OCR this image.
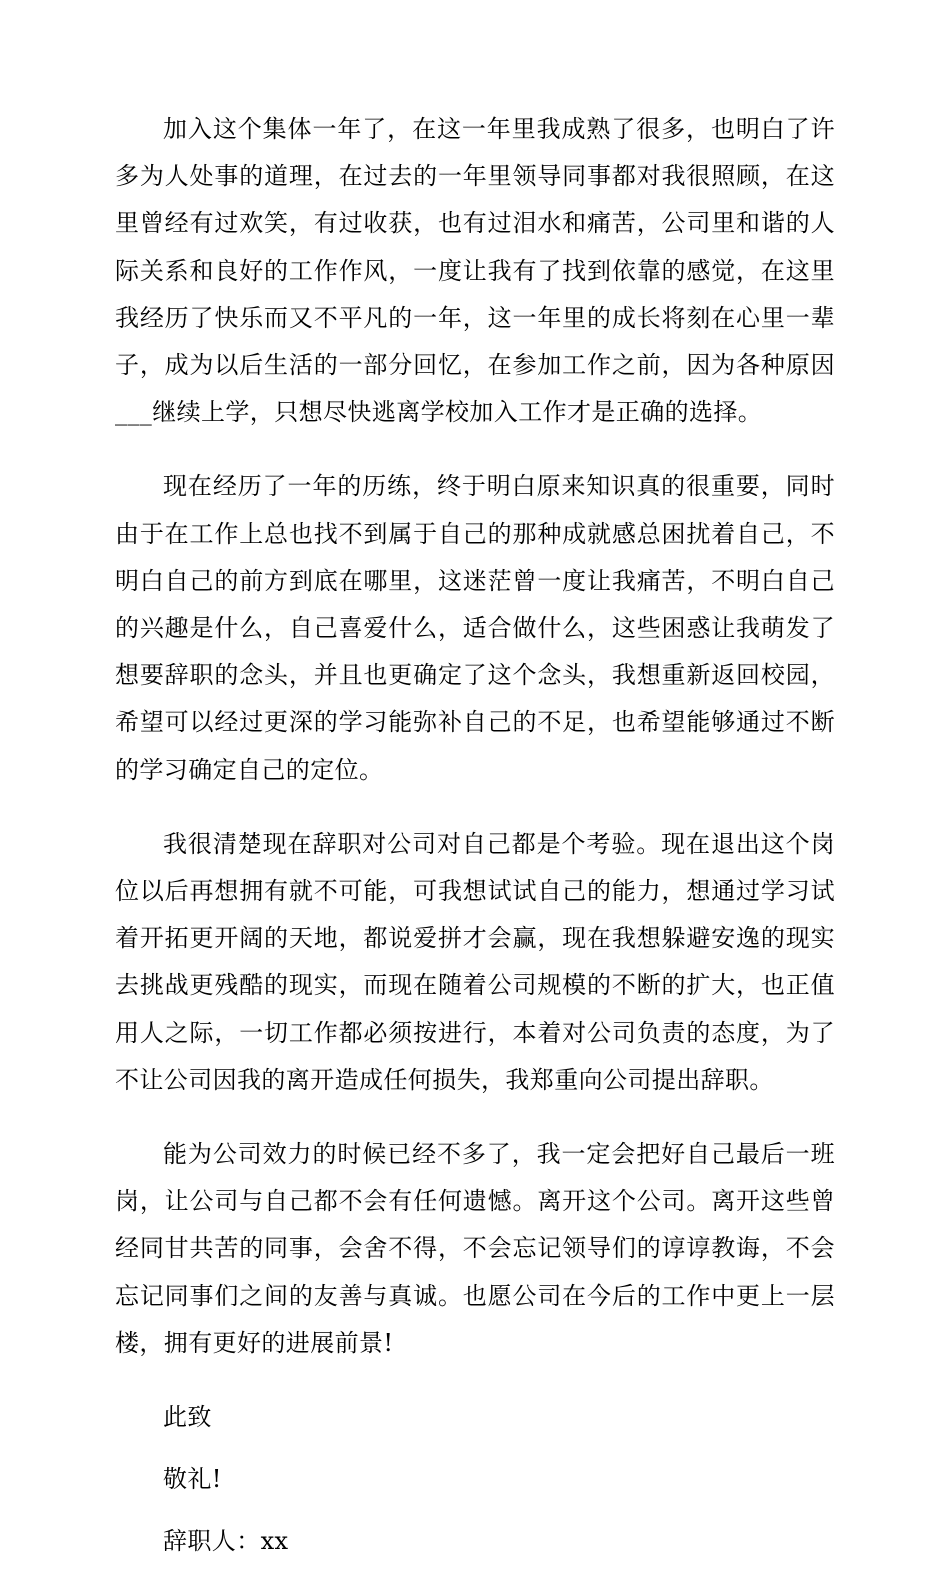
加入这个集体一年了，在这一年里我成熟了很多，也明白了许多为人处事的道理，在过去的一年里领导同事都对我很照顾，在这里曾经有过欢笑，有过收获，也有过泪水和痛苦，公司里和谐的人际关系和良好的工作作风，一度让我有了找到依靠的感觉，在这里我经历了快乐而又不平凡的一年，这一年里的成长将刻在心里一辈子，成为以后生活的一部分回忆，在参加工作之前，因为各种原因___继续上学，只想尽快逃离学校加入工作才是正确的选择。

现在经历了一年的历练，终于明白原来知识真的很重要，同时由于在工作上总也找不到属于自己的那种成就感总困扰着自己，不明白自己的前方到底在哪里，这迷茫曾一度让我痛苦，不明白自己的兴趣是什么，自己喜爱什么，适合做什么，这些困惑让我萌发了想要辞职的念头，并且也更确定了这个念头，我想重新返回校园，希望可以经过更深的学习能弥补自己的不足，也希望能够通过不断的学习确定自己的定位。

我很清楚现在辞职对公司对自己都是个考验。现在退出这个岗位以后再想拥有就不可能，可我想试试自己的能力，想通过学习试着开拓更开阔的天地，都说爱拼才会赢，现在我想躲避安逸的现实去挑战更残酷的现实，而现在随着公司规模的不断的扩大，也正值用人之际，一切工作都必须按进行，本着对公司负责的态度，为了不让公司因我的离开造成任何损失，我郑重向公司提出辞职。

能为公司效力的时候已经不多了，我一定会把好自己最后一班岗，让公司与自己都不会有任何遗憾。离开这个公司。离开这些曾经同甘共苦的同事，会舍不得，不会忘记领导们的谆谆教诲，不会忘记同事们之间的友善与真诚。也愿公司在今后的工作中更上一层楼，拥有更好的进展前景!

此致

敬礼!

辞职人：xx
